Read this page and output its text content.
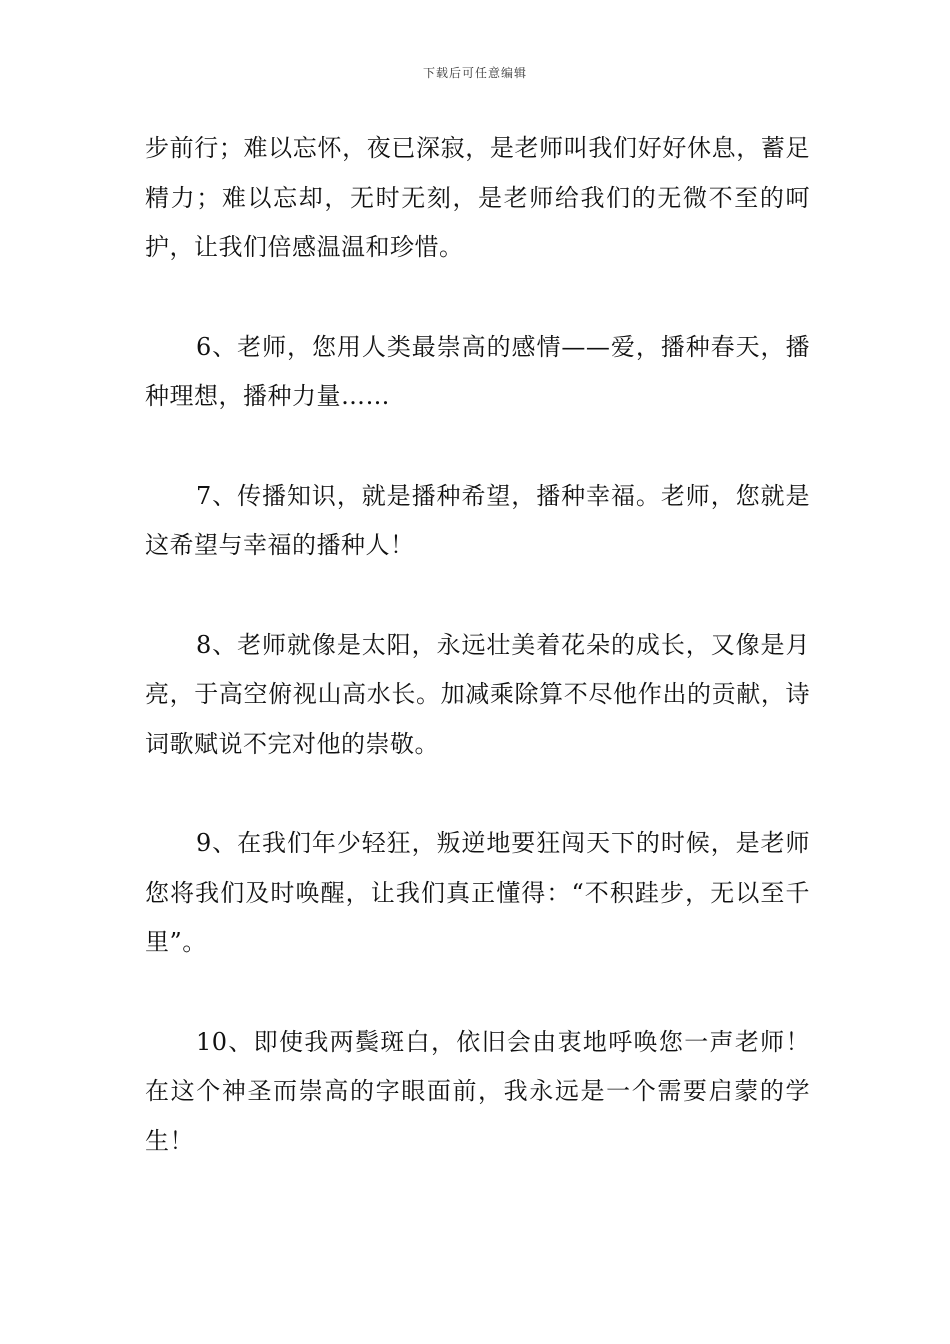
下载后可任意编辑

步前行；难以忘怀，夜已深寂，是老师叫我们好好休息，蓄足精力；难以忘却，无时无刻，是老师给我们的无微不至的呵护，让我们倍感温温和珍惜。

6、老师，您用人类最崇高的感情——爱，播种春天，播种理想，播种力量……

7、传播知识，就是播种希望，播种幸福。老师，您就是这希望与幸福的播种人！

8、老师就像是太阳，永远壮美着花朵的成长，又像是月亮，于高空俯视山高水长。加减乘除算不尽他作出的贡献，诗词歌赋说不完对他的崇敬。

9、在我们年少轻狂，叛逆地要狂闯天下的时候，是老师您将我们及时唤醒，让我们真正懂得：“不积跬步，无以至千里”。

10、即使我两鬓斑白，依旧会由衷地呼唤您一声老师！在这个神圣而崇高的字眼面前，我永远是一个需要启蒙的学生！
